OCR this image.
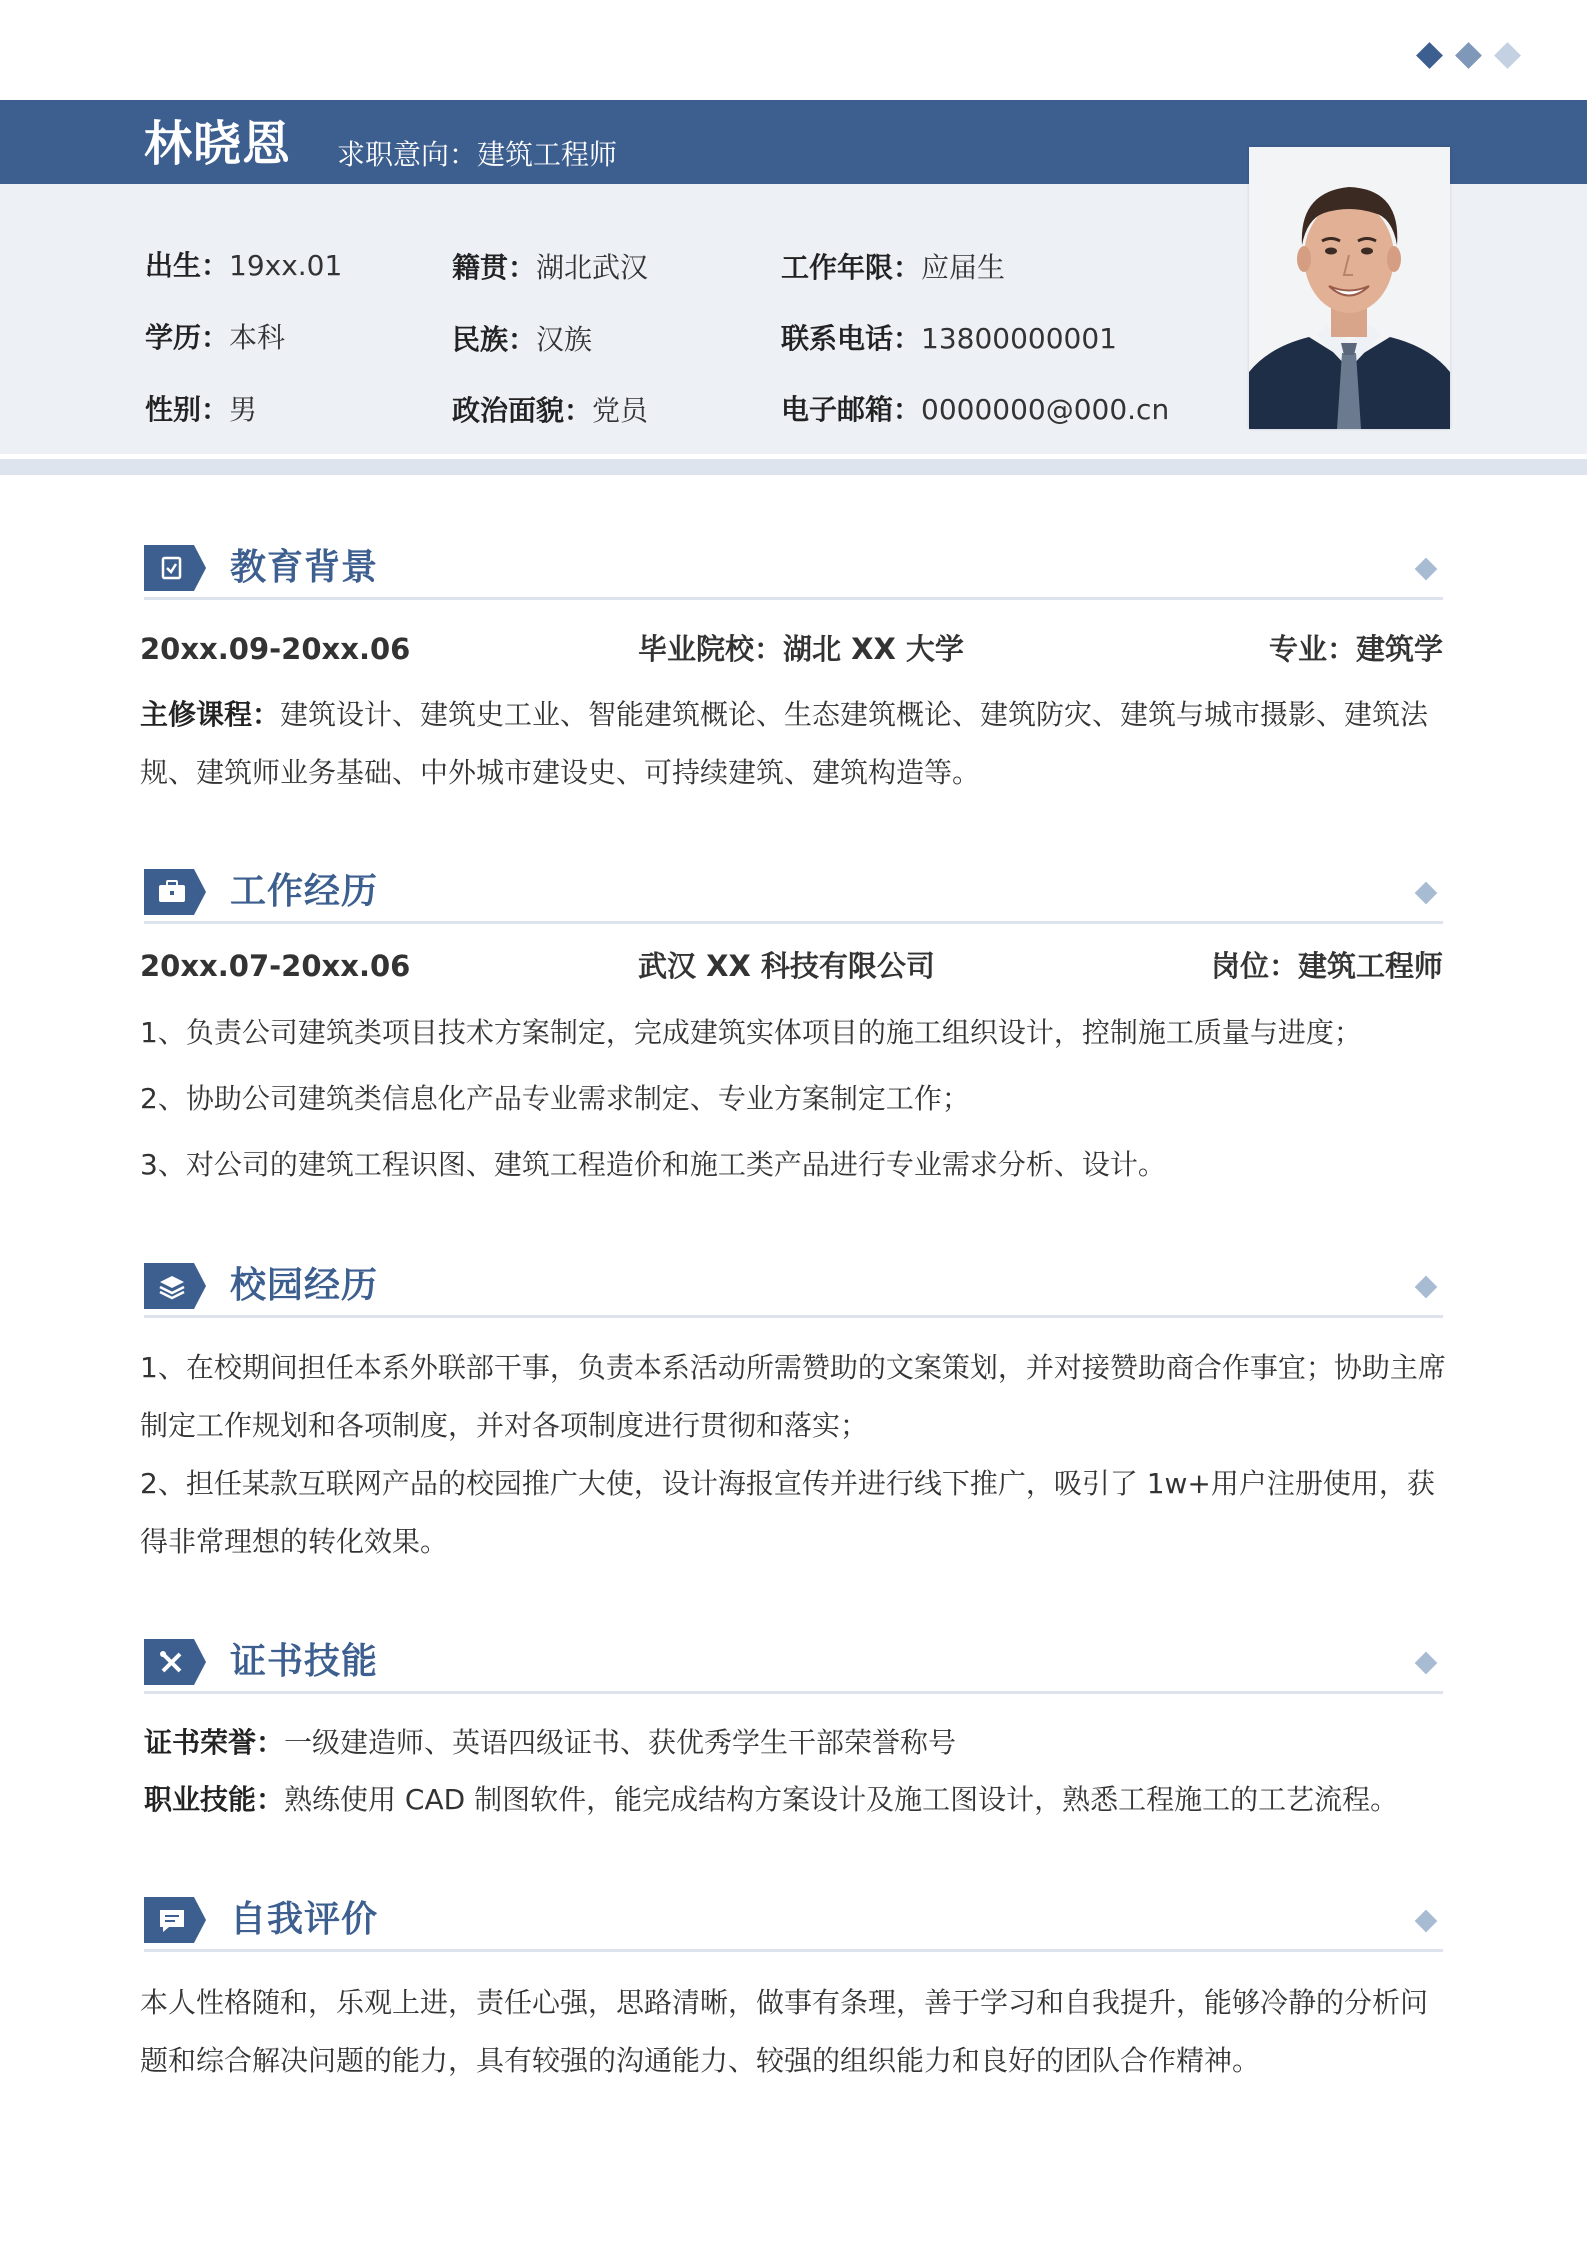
林晓恩 求职意向：建筑工程师
出生：19xx.01	籍贯：湖北武汉	工作年限：应届生
学历：本科	民族：汉族	联系电话：13800000001
性别：男	政治面貌：党员	电子邮箱：0000000@000.cn
教育背景
20xx.09-20xx.06	毕业院校：湖北 XX 大学	专业：建筑学
主修课程：建筑设计、建筑史工业、智能建筑概论、生态建筑概论、建筑防灾、建筑与城市摄影、建筑法规、建筑师业务基础、中外城市建设史、可持续建筑、建筑构造等。
工作经历
20xx.07-20xx.06	武汉 XX 科技有限公司	岗位：建筑工程师
1、负责公司建筑类项目技术方案制定，完成建筑实体项目的施工组织设计，控制施工质量与进度；
2、协助公司建筑类信息化产品专业需求制定、专业方案制定工作；
3、对公司的建筑工程识图、建筑工程造价和施工类产品进行专业需求分析、设计。
校园经历
1、在校期间担任本系外联部干事，负责本系活动所需赞助的文案策划，并对接赞助商合作事宜；协助主席制定工作规划和各项制度，并对各项制度进行贯彻和落实；
2、担任某款互联网产品的校园推广大使，设计海报宣传并进行线下推广，吸引了 1w+用户注册使用，获得非常理想的转化效果。
证书技能
证书荣誉：一级建造师、英语四级证书、获优秀学生干部荣誉称号
职业技能：熟练使用 CAD 制图软件，能完成结构方案设计及施工图设计，熟悉工程施工的工艺流程。
自我评价
本人性格随和，乐观上进，责任心强，思路清晰，做事有条理，善于学习和自我提升，能够冷静的分析问题和综合解决问题的能力，具有较强的沟通能力、较强的组织能力和良好的团队合作精神。
